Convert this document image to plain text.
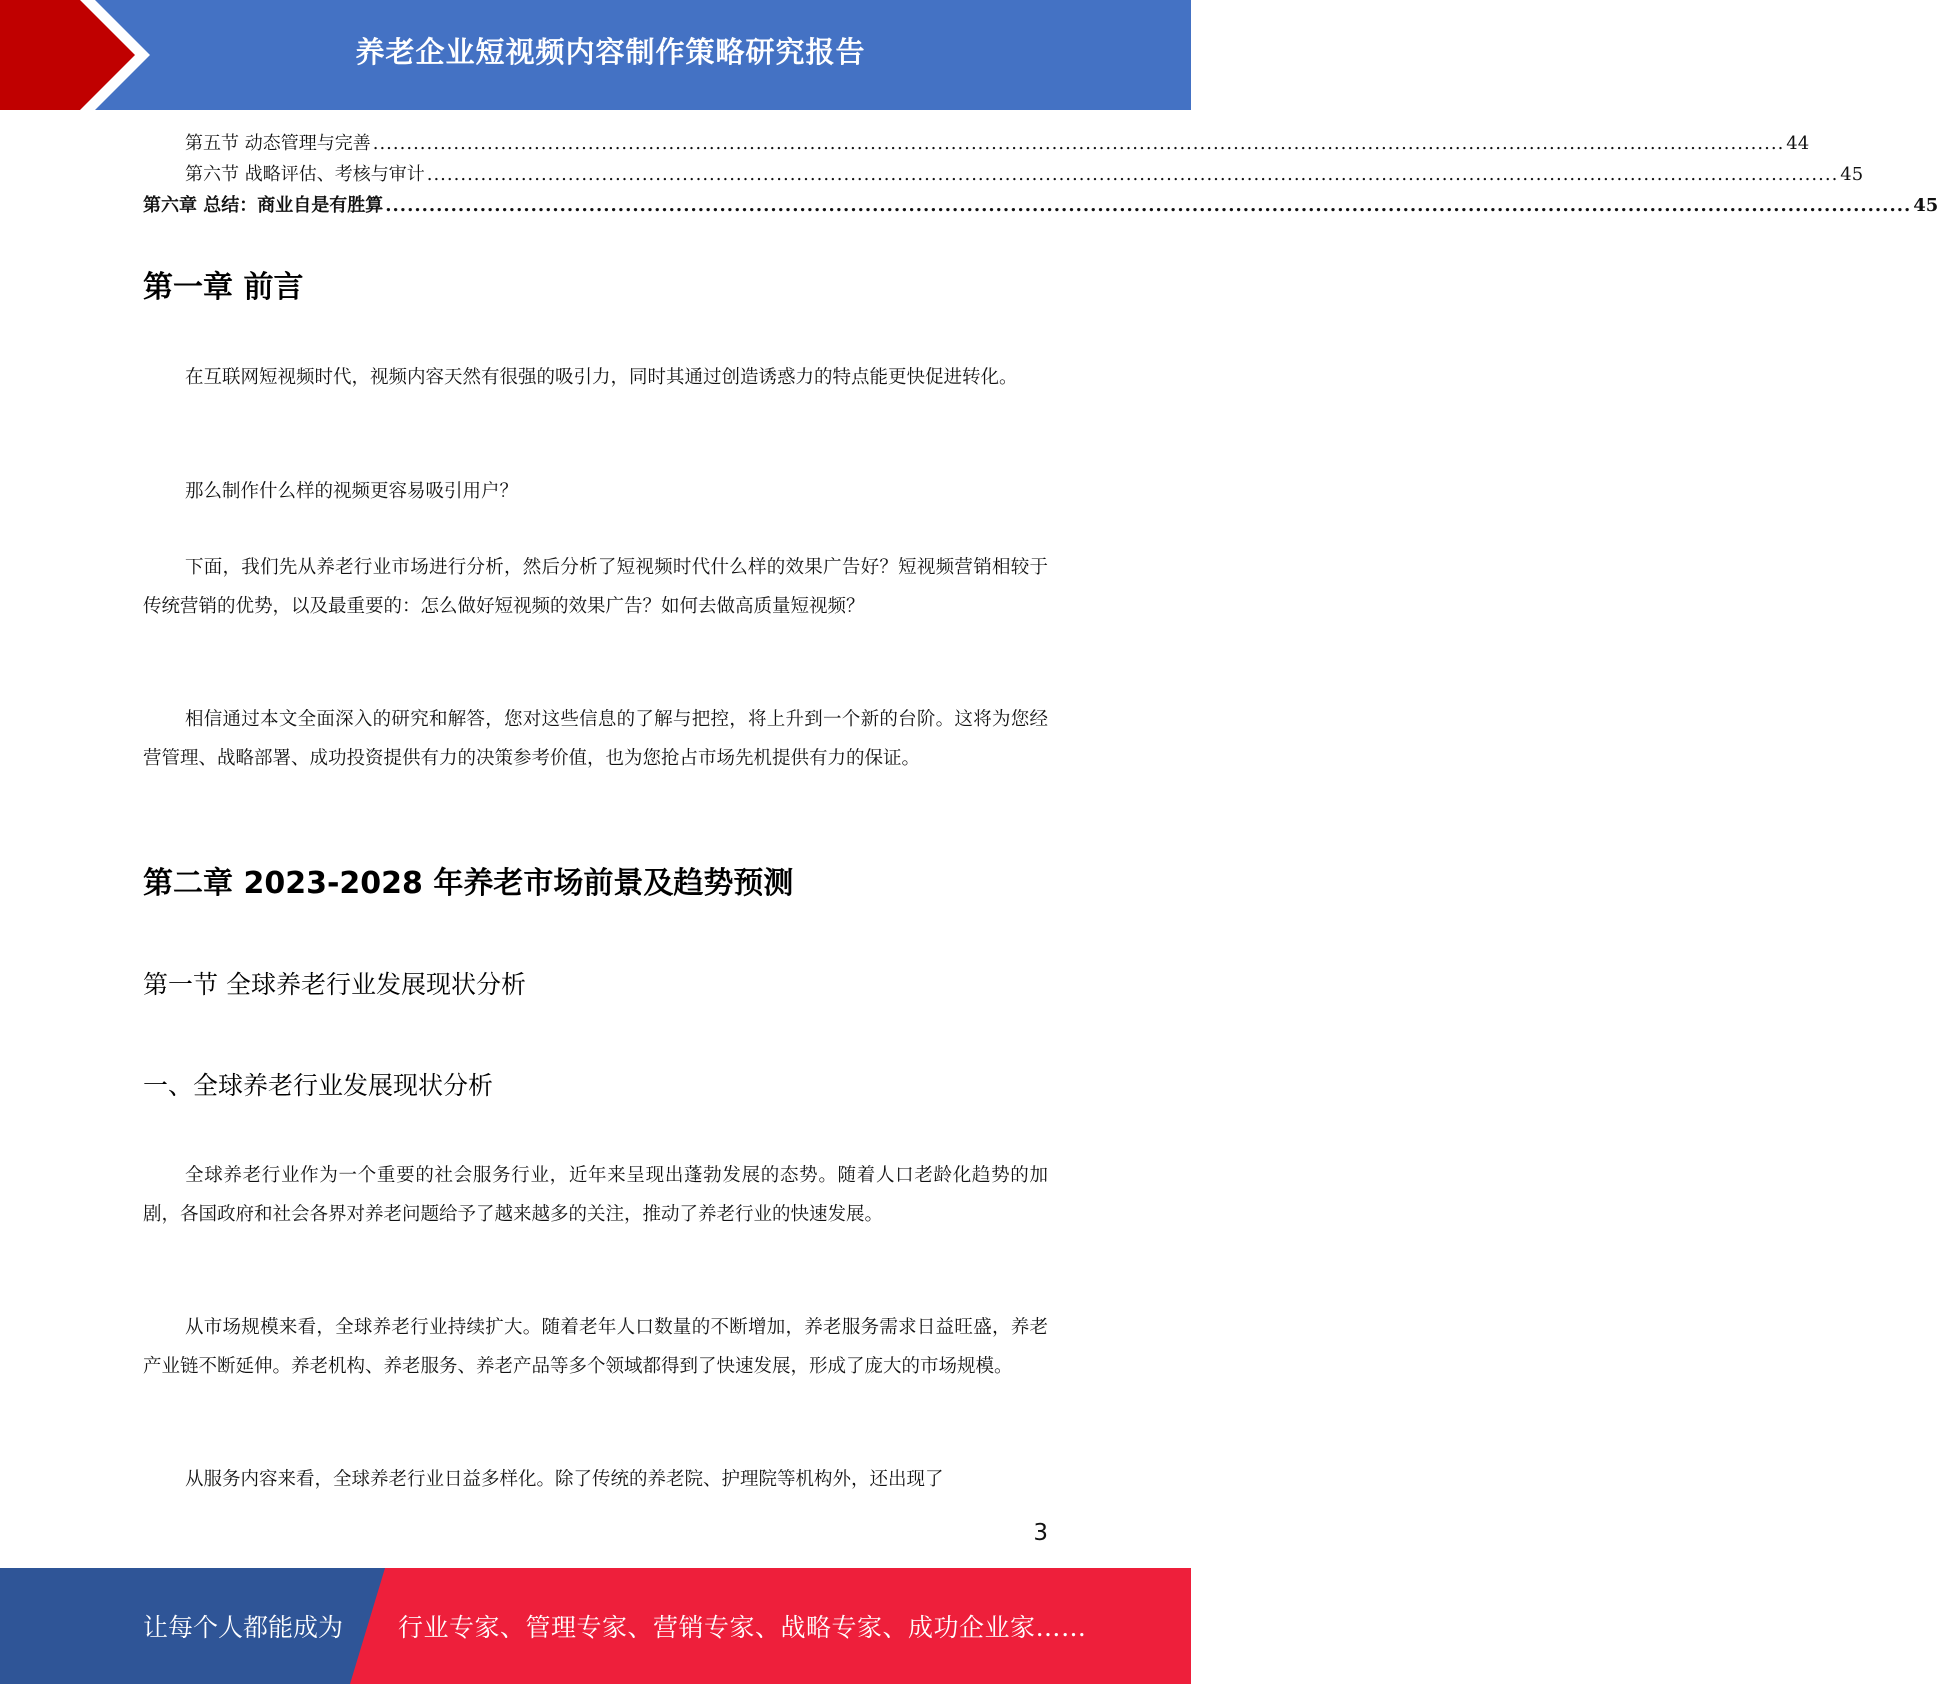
养老企业短视频内容制作策略研究报告
第五节 动态管理与完善 .................................................................................................................................................................................................................. 44
第六节 战略评估、考核与审计 .................................................................................................................................................................................................................. 45
第六章 总结：商业自是有胜算 .................................................................................................................................................................................................................. 45
第一章 前言

在互联网短视频时代，视频内容天然有很强的吸引力，同时其通过创造诱惑力的特点能更快促进转化。

那么制作什么样的视频更容易吸引用户？

下面，我们先从养老行业市场进行分析，然后分析了短视频时代什么样的效果广告好？短视频营销相较于传统营销的优势，以及最重要的：怎么做好短视频的效果广告？如何去做高质量短视频？

相信通过本文全面深入的研究和解答，您对这些信息的了解与把控，将上升到一个新的台阶。这将为您经营管理、战略部署、成功投资提供有力的决策参考价值，也为您抢占市场先机提供有力的保证。

第二章 2023-2028 年养老市场前景及趋势预测
第一节 全球养老行业发展现状分析
一、全球养老行业发展现状分析

全球养老行业作为一个重要的社会服务行业，近年来呈现出蓬勃发展的态势。随着人口老龄化趋势的加剧，各国政府和社会各界对养老问题给予了越来越多的关注，推动了养老行业的快速发展。

从市场规模来看，全球养老行业持续扩大。随着老年人口数量的不断增加，养老服务需求日益旺盛，养老产业链不断延伸。养老机构、养老服务、养老产品等多个领域都得到了快速发展，形成了庞大的市场规模。

从服务内容来看，全球养老行业日益多样化。除了传统的养老院、护理院等机构外，还出现了

3
让每个人都能成为 行业专家、管理专家、营销专家、战略专家、成功企业家……
